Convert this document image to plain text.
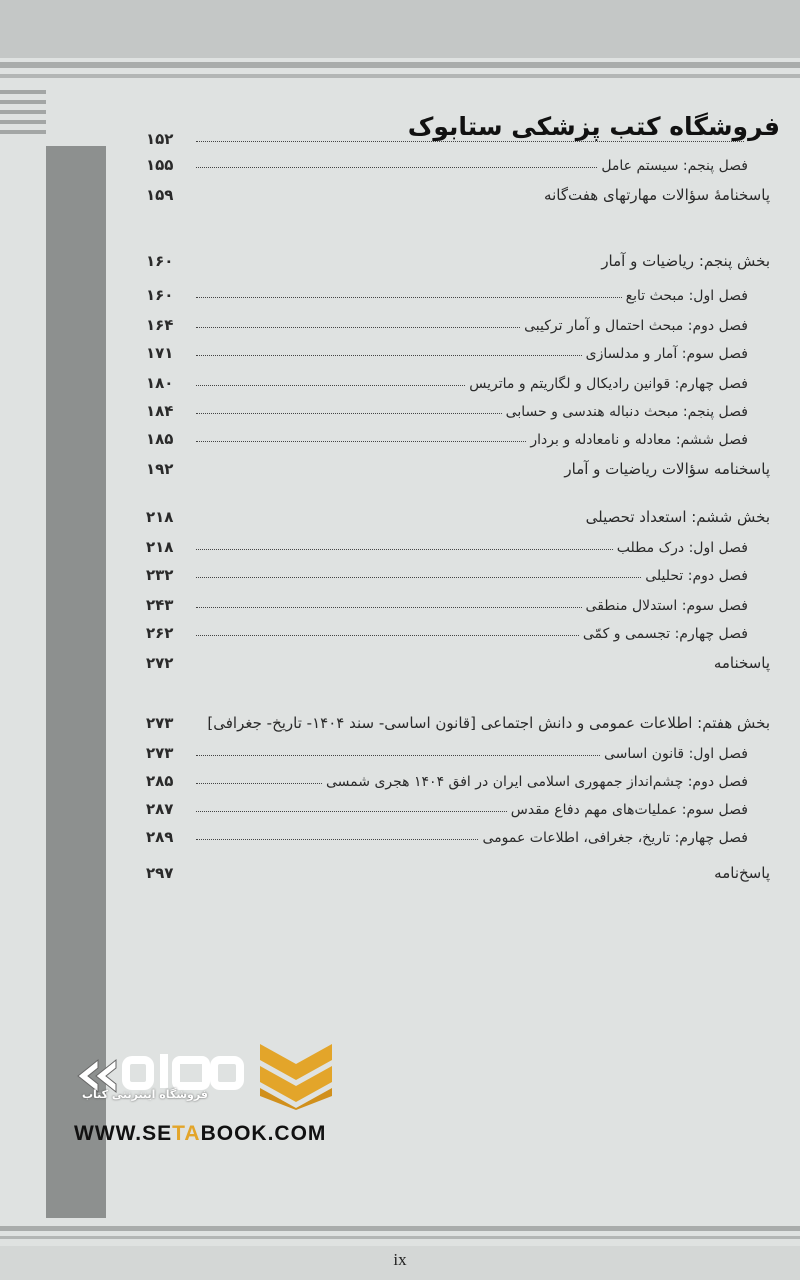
۱۵۲
فصل پنجم: سیستم عامل
۱۵۵
پاسخنامهٔ سؤالات مهارتهای هفت‌گانه
۱۵۹
بخش پنجم: ریاضیات و آمار
۱۶۰
فصل اول: مبحث تابع
۱۶۰
فصل دوم: مبحث احتمال و آمار ترکیبی
۱۶۴
فصل سوم: آمار و مدلسازی
۱۷۱
فصل چهارم: قوانین رادیکال و لگاریتم و ماتریس
۱۸۰
فصل پنجم: مبحث دنباله هندسی و حسابی
۱۸۴
فصل ششم: معادله و نامعادله و بردار
۱۸۵
پاسخنامه سؤالات ریاضیات و آمار
۱۹۲
بخش ششم: استعداد تحصیلی
۲۱۸
فصل اول: درک مطلب
۲۱۸
فصل دوم: تحلیلی
۲۳۲
فصل سوم: استدلال منطقی
۲۴۳
فصل چهارم: تجسمی و کمّی
۲۶۲
پاسخنامه
۲۷۲
بخش هفتم: اطلاعات عمومی و دانش اجتماعی [قانون اساسی- سند ۱۴۰۴- تاریخ- جغرافی]
۲۷۳
فصل اول: قانون اساسی
۲۷۳
فصل دوم: چشم‌انداز جمهوری اسلامی ایران در افق ۱۴۰۴ هجری شمسی
۲۸۵
فصل سوم: عملیات‌های مهم دفاع مقدس
۲۸۷
فصل چهارم: تاریخ، جغرافی، اطلاعات عمومی
۲۸۹
پاسخ‌نامه
۲۹۷
فروشگاه کتب پزشکی ستابوک
فروشگاه اینترنتی کتاب
WWW.SETABOOK.COM
ix
